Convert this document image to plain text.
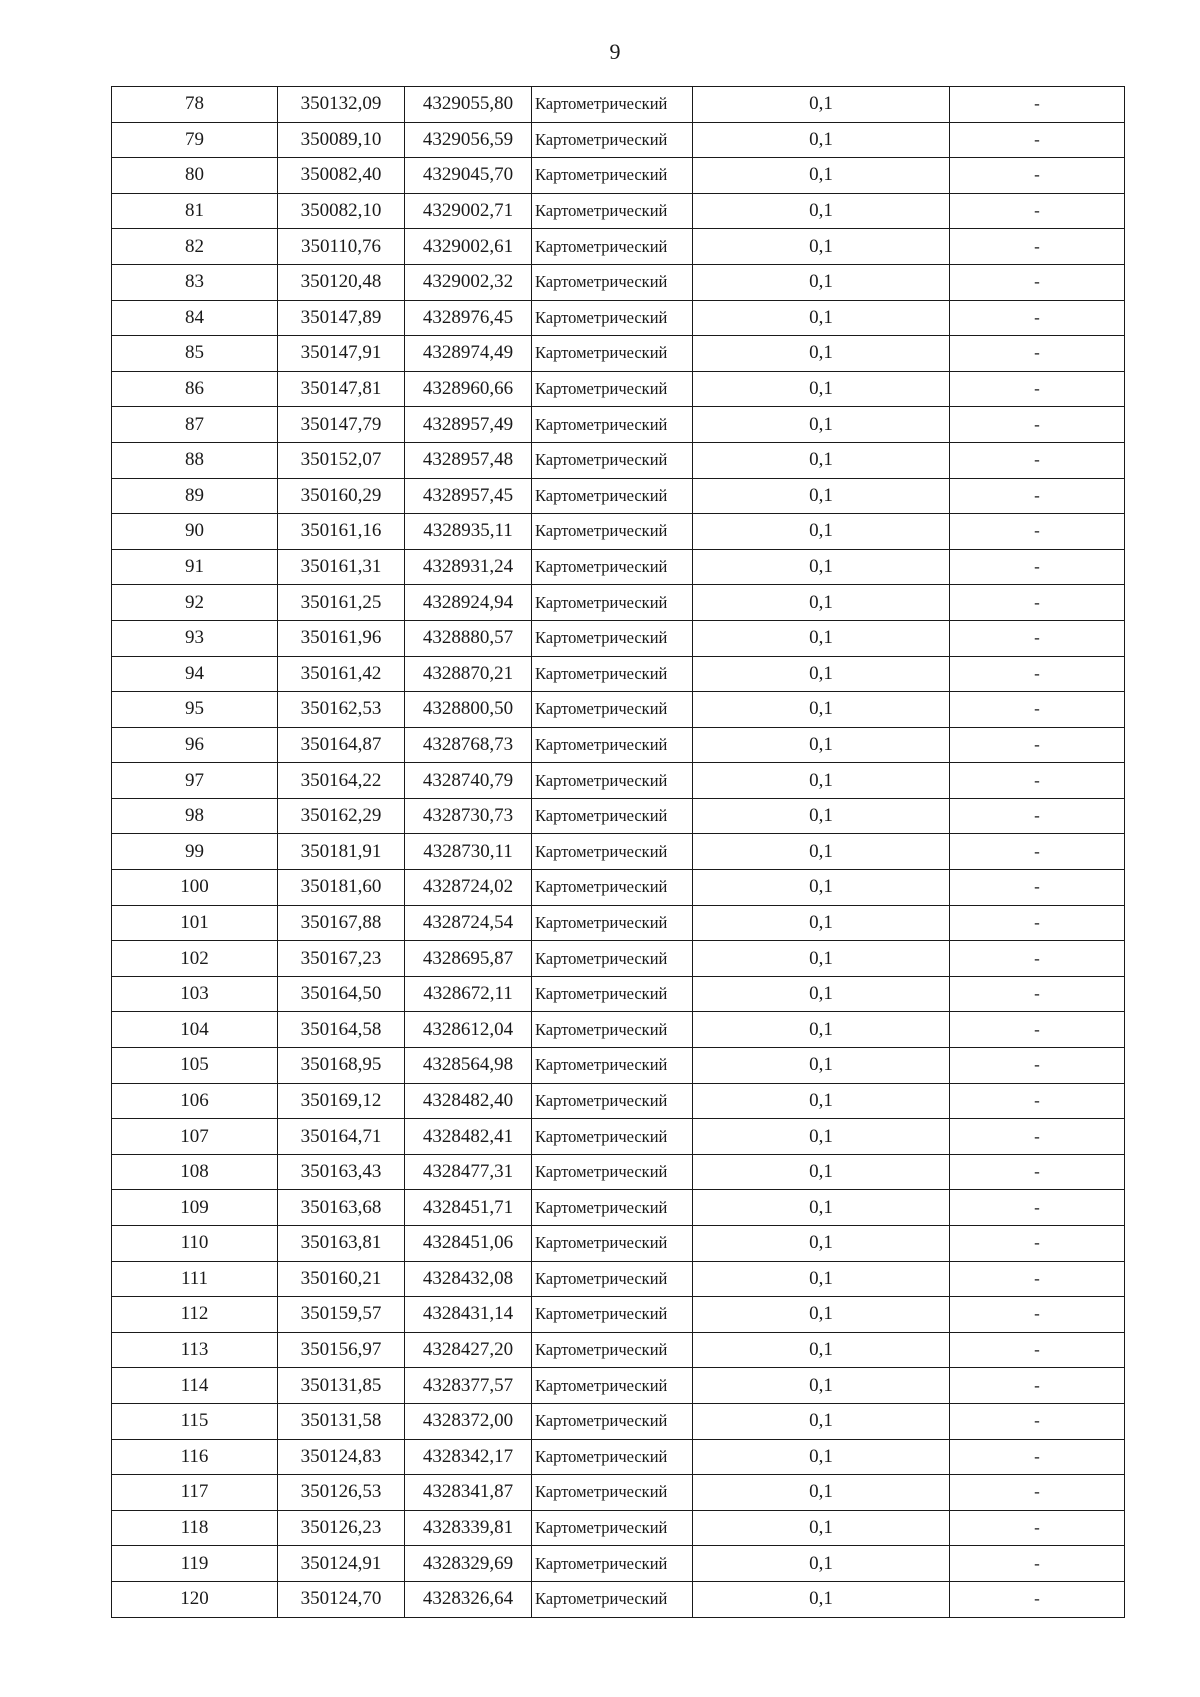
9
78	350132,09	4329055,80	Картометрический	0,1	-
79	350089,10	4329056,59	Картометрический	0,1	-
80	350082,40	4329045,70	Картометрический	0,1	-
81	350082,10	4329002,71	Картометрический	0,1	-
82	350110,76	4329002,61	Картометрический	0,1	-
83	350120,48	4329002,32	Картометрический	0,1	-
84	350147,89	4328976,45	Картометрический	0,1	-
85	350147,91	4328974,49	Картометрический	0,1	-
86	350147,81	4328960,66	Картометрический	0,1	-
87	350147,79	4328957,49	Картометрический	0,1	-
88	350152,07	4328957,48	Картометрический	0,1	-
89	350160,29	4328957,45	Картометрический	0,1	-
90	350161,16	4328935,11	Картометрический	0,1	-
91	350161,31	4328931,24	Картометрический	0,1	-
92	350161,25	4328924,94	Картометрический	0,1	-
93	350161,96	4328880,57	Картометрический	0,1	-
94	350161,42	4328870,21	Картометрический	0,1	-
95	350162,53	4328800,50	Картометрический	0,1	-
96	350164,87	4328768,73	Картометрический	0,1	-
97	350164,22	4328740,79	Картометрический	0,1	-
98	350162,29	4328730,73	Картометрический	0,1	-
99	350181,91	4328730,11	Картометрический	0,1	-
100	350181,60	4328724,02	Картометрический	0,1	-
101	350167,88	4328724,54	Картометрический	0,1	-
102	350167,23	4328695,87	Картометрический	0,1	-
103	350164,50	4328672,11	Картометрический	0,1	-
104	350164,58	4328612,04	Картометрический	0,1	-
105	350168,95	4328564,98	Картометрический	0,1	-
106	350169,12	4328482,40	Картометрический	0,1	-
107	350164,71	4328482,41	Картометрический	0,1	-
108	350163,43	4328477,31	Картометрический	0,1	-
109	350163,68	4328451,71	Картометрический	0,1	-
110	350163,81	4328451,06	Картометрический	0,1	-
111	350160,21	4328432,08	Картометрический	0,1	-
112	350159,57	4328431,14	Картометрический	0,1	-
113	350156,97	4328427,20	Картометрический	0,1	-
114	350131,85	4328377,57	Картометрический	0,1	-
115	350131,58	4328372,00	Картометрический	0,1	-
116	350124,83	4328342,17	Картометрический	0,1	-
117	350126,53	4328341,87	Картометрический	0,1	-
118	350126,23	4328339,81	Картометрический	0,1	-
119	350124,91	4328329,69	Картометрический	0,1	-
120	350124,70	4328326,64	Картометрический	0,1	-
